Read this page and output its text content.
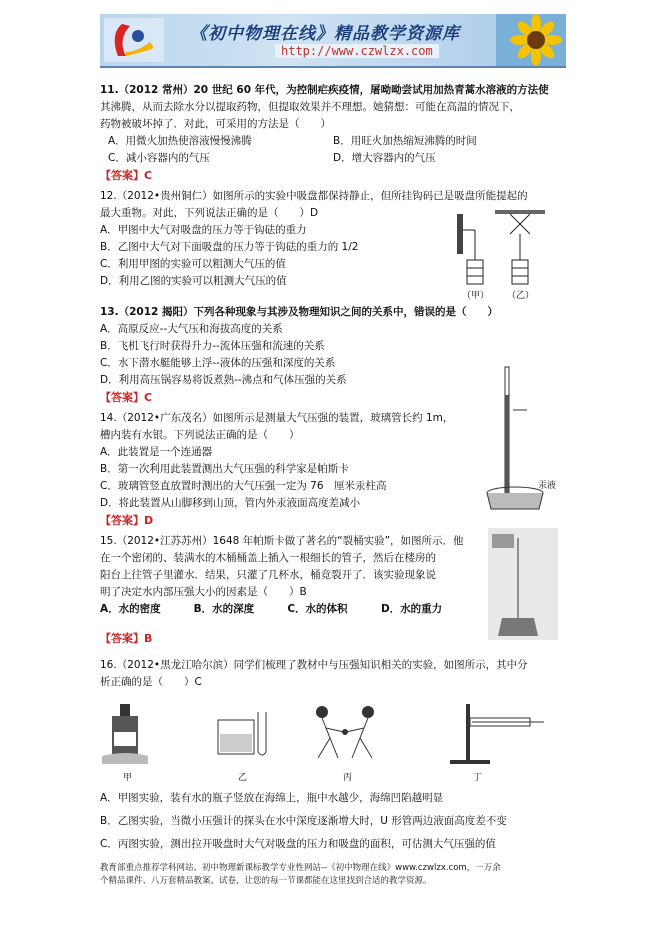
《初中物理在线》精品教学资源库
http://www.czwlzx.com
11.（2012 常州）20 世纪 60 年代，为控制疟疾疫情，屠呦呦尝试用加热青蒿水溶液的方法使
其沸腾，从而去除水分以提取药物，但提取效果并不理想。她猜想：可能在高温的情况下，
药物被破坏掉了．对此，可采用的方法是（　　）
A．用微火加热使溶液慢慢沸腾	B．用旺火加热缩短沸腾的时间
C．减小容器内的气压	D．增大容器内的气压
【答案】C
12.（2012•贵州铜仁）如图所示的实验中吸盘都保持静止，但所挂钩码已是吸盘所能提起的
最大重物。对此，下列说法正确的是（　　）D
A．甲图中大气对吸盘的压力等于钩砝的重力
B．乙图中大气对下面吸盘的压力等于钩砝的重力的 1/2
C．利用甲图的实验可以粗测大气压的值
D．利用乙图的实验可以粗测大气压的值
（甲） （乙）
13.（2012 揭阳）下列各种现象与其涉及物理知识之间的关系中，错误的是（　　）
A．高原反应--大气压和海拔高度的关系
B．飞机飞行时获得升力--流体压强和流速的关系
C．水下潜水艇能够上浮--液体的压强和深度的关系
D．利用高压锅容易将饭煮熟--沸点和气体压强的关系
【答案】C
14.（2012•广东茂名）如图所示是测量大气压强的装置，玻璃管长约 1m，
槽内装有水银。下列说法正确的是（　　）
A．此装置是一个连通器
B．第一次利用此装置测出大气压强的科学家是帕斯卡
C．玻璃管竖直放置时测出的大气压强一定为 76　厘米汞柱高
D．将此装置从山脚移到山顶，管内外汞液面高度差减小
【答案】D
汞液
15.（2012•江苏苏州）1648 年帕斯卡做了著名的“裂桶实验”，如图所示．他
在一个密闭的、装满水的木桶桶盖上插入一根细长的管子，然后在楼房的
阳台上往管子里灌水．结果，只灌了几杯水，桶竟裂开了．该实验现象说
明了决定水内部压强大小的因素是（　　）B
A．水的密度	B．水的深度	C．水的体积	D．水的重力
【答案】B
16.（2012•黑龙江哈尔滨）同学们梳理了教材中与压强知识相关的实验，如图所示，其中分
析正确的是（　　）C
甲	乙	丙	丁
A．甲图实验，装有水的瓶子竖放在海绵上，瓶中水越少，海绵凹陷越明显
B．乙图实验，当微小压强计的探头在水中深度逐渐增大时，U 形管两边液面高度差不变
C．丙图实验，测出拉开吸盘时大气对吸盘的压力和吸盘的面积，可估测大气压强的值
教育部重点推荐学科网站、初中物理新课标教学专业性网站--《初中物理在线》www.czwlzx.com，一万余
个精品课件、八万套精品教案、试卷，让您的每一节课都能在这里找到合适的教学资源。
